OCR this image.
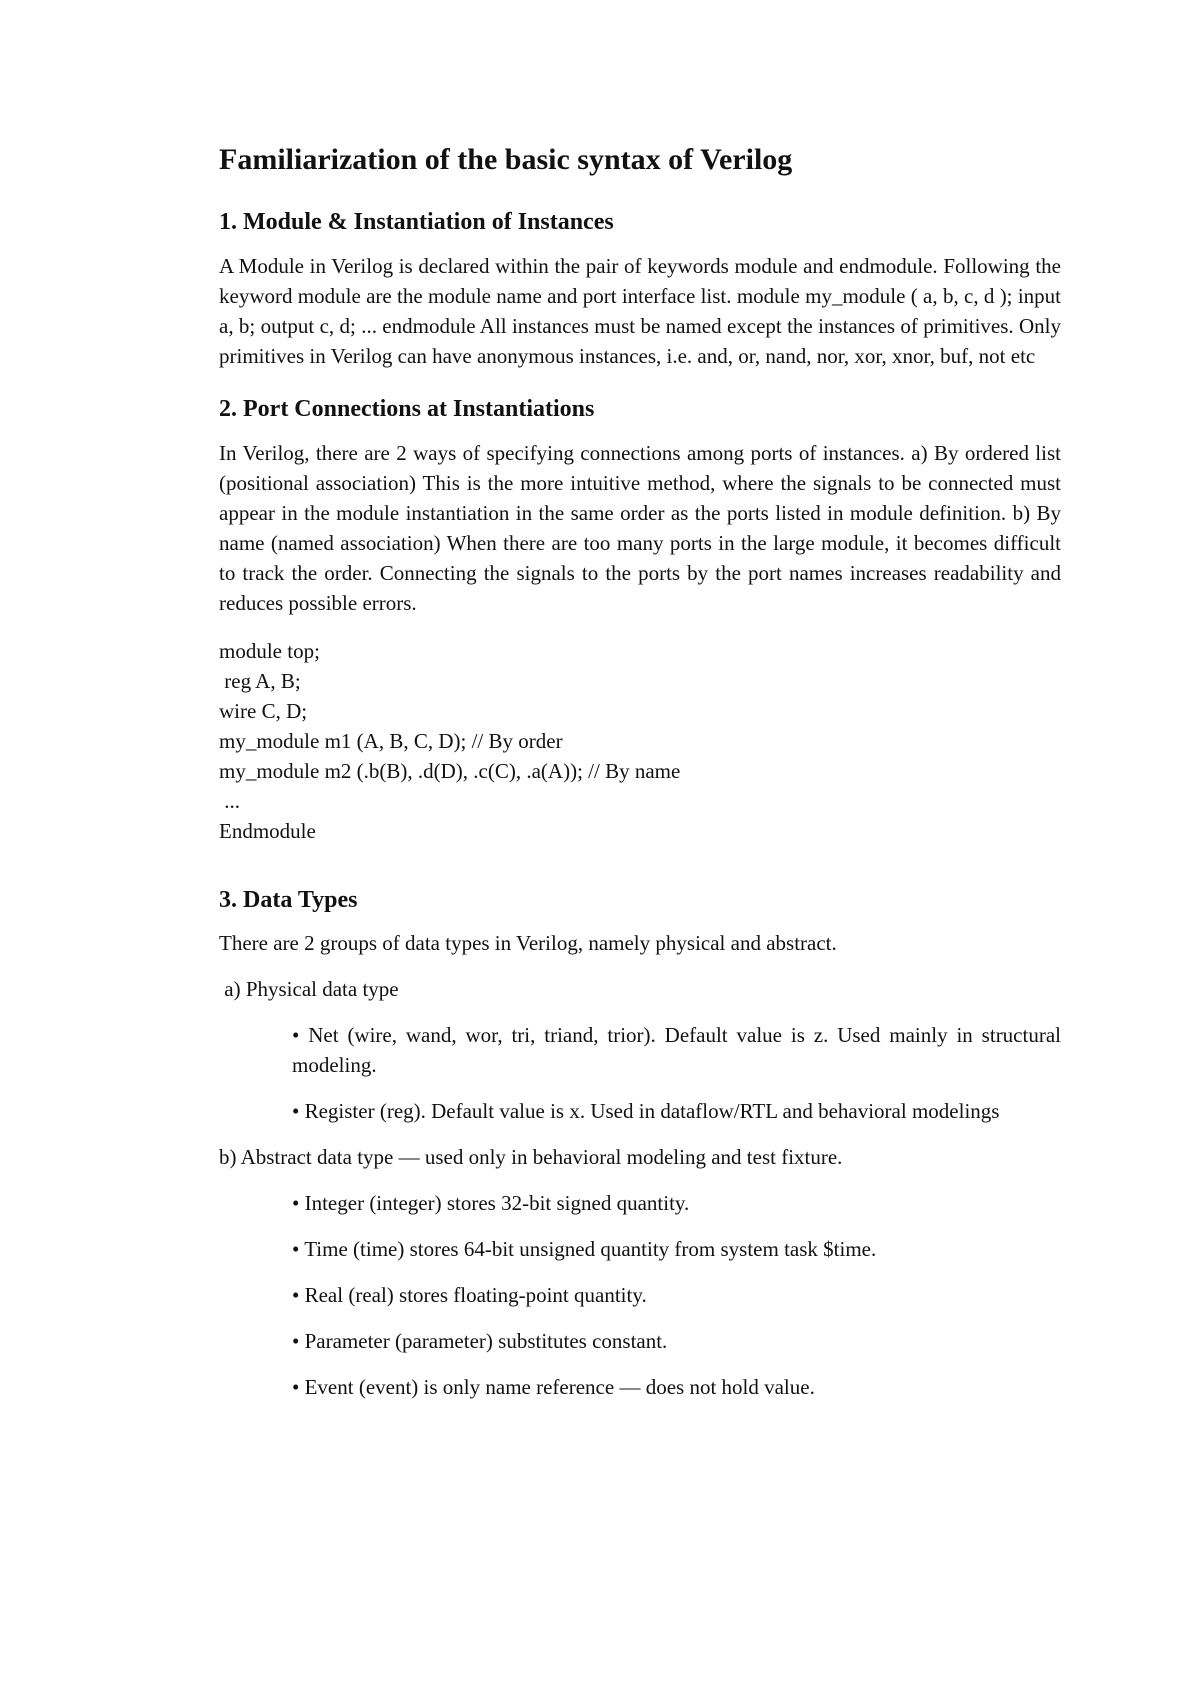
Familiarization of the basic syntax of Verilog
1. Module & Instantiation of Instances

A Module in Verilog is declared within the pair of keywords module and endmodule. Following the keyword module are the module name and port interface list. module my_module ( a, b, c, d ); input a, b; output c, d; ... endmodule All instances must be named except the instances of primitives. Only primitives in Verilog can have anonymous instances, i.e. and, or, nand, nor, xor, xnor, buf, not etc

2. Port Connections at Instantiations

In Verilog, there are 2 ways of specifying connections among ports of instances. a) By ordered list (positional association) This is the more intuitive method, where the signals to be connected must appear in the module instantiation in the same order as the ports listed in module definition. b) By name (named association) When there are too many ports in the large module, it becomes difficult to track the order. Connecting the signals to the ports by the port names increases readability and reduces possible errors.

module top;
reg A, B;
wire C, D;
my_module m1 (A, B, C, D); // By order
my_module m2 (.b(B), .d(D), .c(C), .a(A)); // By name
...
Endmodule
3. Data Types

There are 2 groups of data types in Verilog, namely physical and abstract.

a) Physical data type

• Net (wire, wand, wor, tri, triand, trior). Default value is z. Used mainly in structural modeling.

• Register (reg). Default value is x. Used in dataflow/RTL and behavioral modelings

b) Abstract data type — used only in behavioral modeling and test fixture.

• Integer (integer) stores 32-bit signed quantity.

• Time (time) stores 64-bit unsigned quantity from system task $time.

• Real (real) stores floating-point quantity.

• Parameter (parameter) substitutes constant.

• Event (event) is only name reference — does not hold value.
